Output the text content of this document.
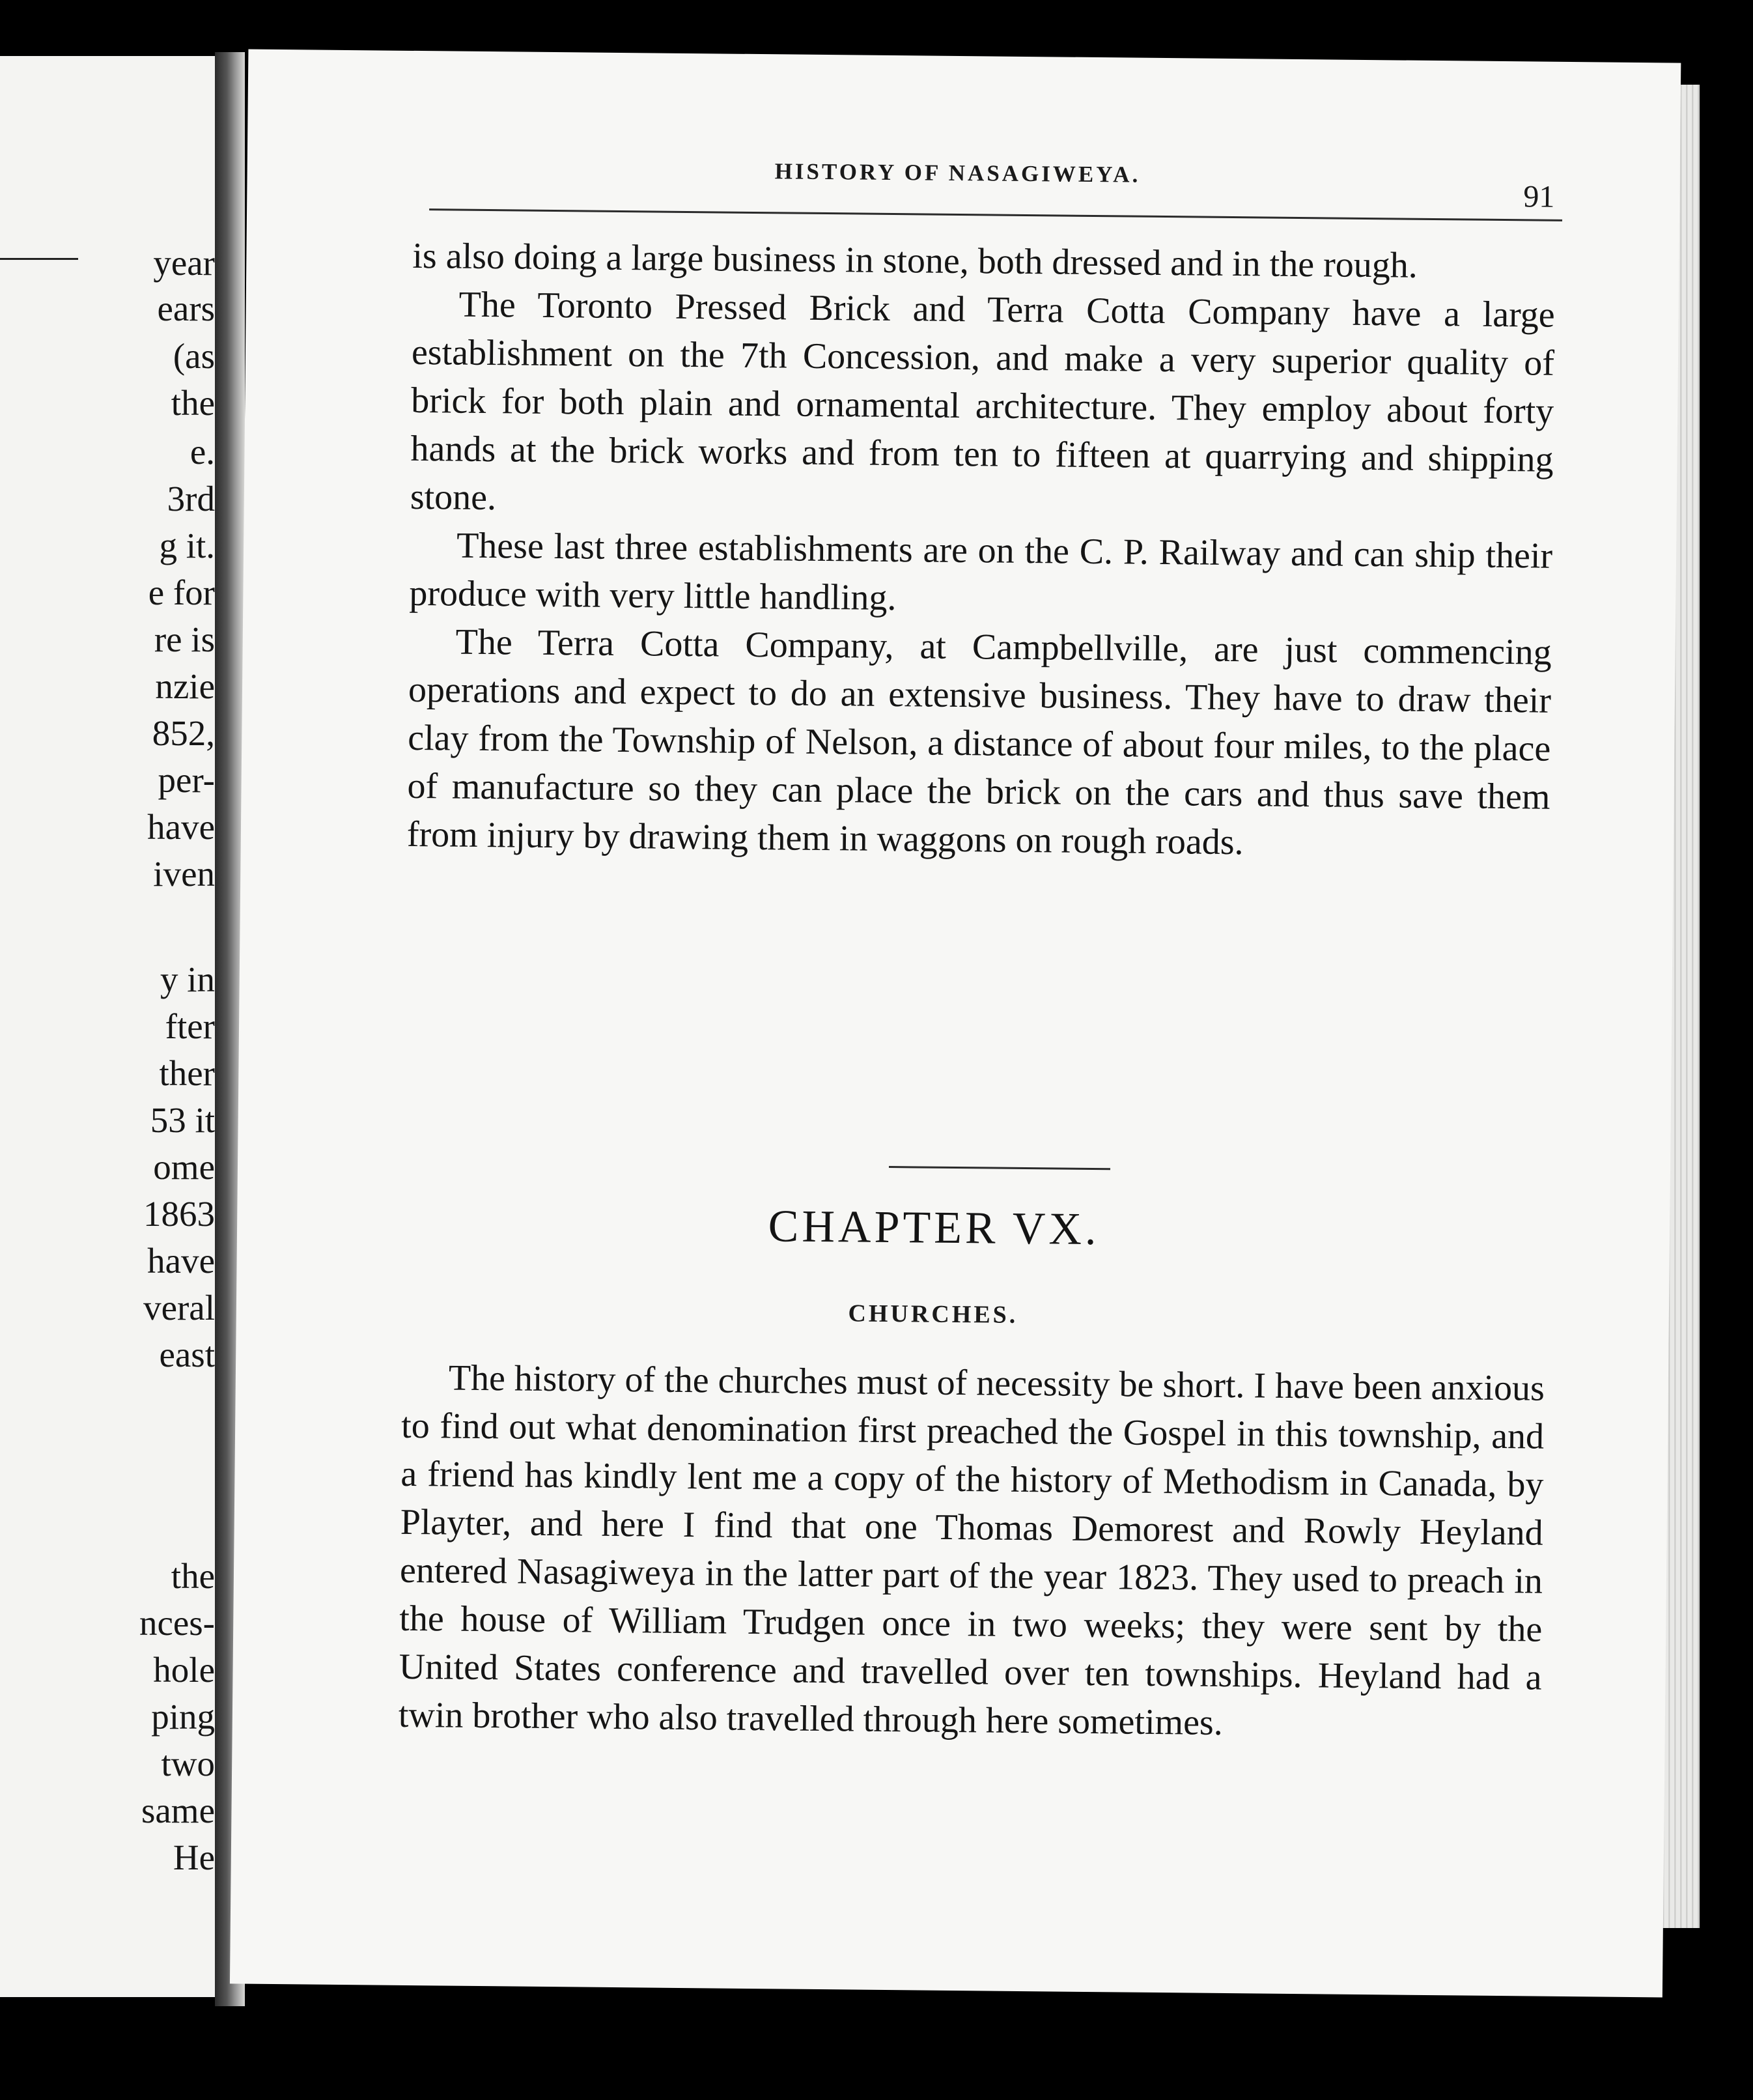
year
ears
(as
the
e.
3rd
g it.
e for
re is
nzie
852,
per-
have
iven
y in
fter
ther
53 it
ome
1863
have
veral
east
the
nces-
hole
ping
two
same
He
HISTORY OF NASAGIWEYA.
91

is also doing a large business in stone, both dressed and in the rough.

The Toronto Pressed Brick and Terra Cotta Company have a large establishment on the 7th Concession, and make a very superior quality of brick for both plain and ornamental architecture. They employ about forty hands at the brick works and from ten to fifteen at quarrying and shipping stone.

These last three establishments are on the C. P. Railway and can ship their produce with very little handling.

The Terra Cotta Company, at Campbellville, are just commencing operations and expect to do an extensive business. They have to draw their clay from the Township of Nelson, a distance of about four miles, to the place of manufacture so they can place the brick on the cars and thus save them from injury by drawing them in waggons on rough roads.

CHAPTER VX.
CHURCHES.

The history of the churches must of necessity be short. I have been anxious to find out what denomination first preached the Gospel in this township, and a friend has kindly lent me a copy of the history of Methodism in Canada, by Playter, and here I find that one Thomas Demorest and Rowly Heyland entered Nasagiweya in the latter part of the year 1823. They used to preach in the house of William Trudgen once in two weeks; they were sent by the United States conference and travelled over ten townships. Heyland had a twin brother who also travelled through here sometimes.
